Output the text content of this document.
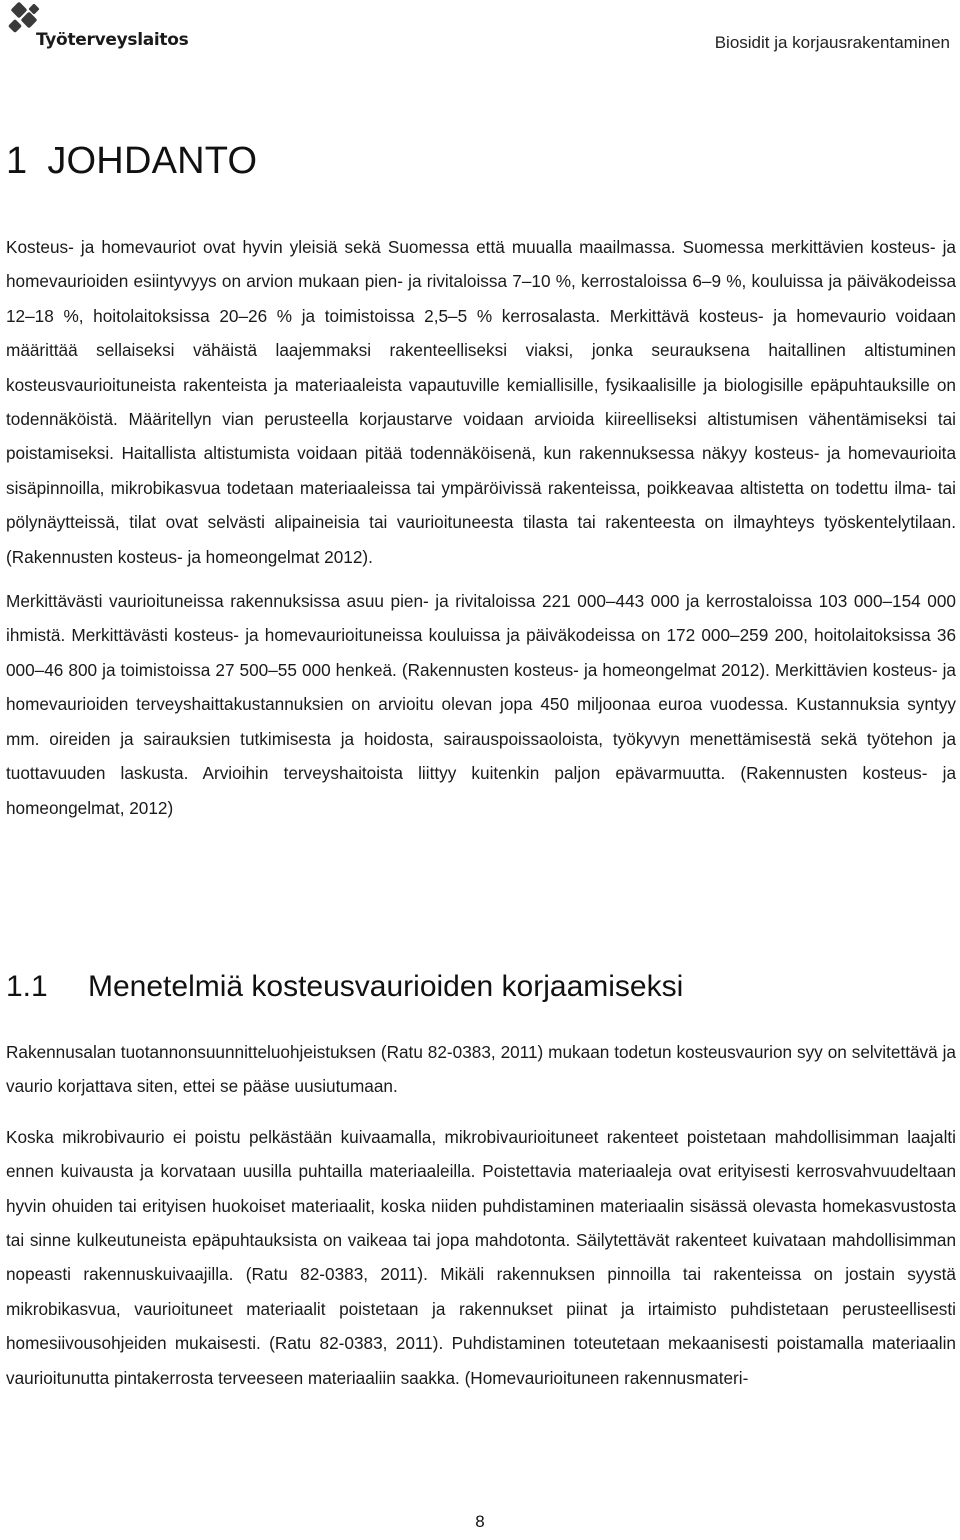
Työterveyslaitos	Biosidit ja korjausrakentaminen
1 JOHDANTO

Kosteus- ja homevauriot ovat hyvin yleisiä sekä Suomessa että muualla maailmassa. Suomessa merkittävien kosteus- ja homevaurioiden esiintyvyys on arvion mukaan pien- ja rivitaloissa 7–10 %, kerrostaloissa 6–9 %, kouluissa ja päiväkodeissa 12–18 %, hoitolaitoksissa 20–26 % ja toimistoissa 2,5–5 % kerrosalasta. Merkittävä kosteus- ja homevaurio voidaan määrittää sellaiseksi vähäistä laajemmaksi rakenteelliseksi viaksi, jonka seurauksena haitallinen altistuminen kosteusvaurioituneista rakenteista ja materiaaleista vapautuville kemiallisille, fysikaalisille ja biologisille epäpuhtauksille on todennäköistä. Määritellyn vian perusteella korjaustarve voidaan arvioida kiireelliseksi altistumisen vähentämiseksi tai poistamiseksi. Haitallista altistumista voidaan pitää todennäköisenä, kun rakennuksessa näkyy kosteus- ja homevaurioita sisäpinnoilla, mikrobikasvua todetaan materiaaleissa tai ympäröivissä rakenteissa, poikkeavaa altistetta on todettu ilma- tai pölynäytteissä, tilat ovat selvästi alipaineisia tai vaurioituneesta tilasta tai rakenteesta on ilmayhteys työskentelytilaan. (Rakennusten kosteus- ja homeongelmat 2012).

Merkittävästi vaurioituneissa rakennuksissa asuu pien- ja rivitaloissa 221 000–443 000 ja kerrostaloissa 103 000–154 000 ihmistä. Merkittävästi kosteus- ja homevaurioituneissa kouluissa ja päiväkodeissa on 172 000–259 200, hoitolaitoksissa 36 000–46 800 ja toimistoissa 27 500–55 000 henkeä. (Rakennusten kosteus- ja homeongelmat 2012). Merkittävien kosteus- ja homevaurioiden terveyshaittakustannuksien on arvioitu olevan jopa 450 miljoonaa euroa vuodessa. Kustannuksia syntyy mm. oireiden ja sairauksien tutkimisesta ja hoidosta, sairauspoissaoloista, työkyvyn menettämisestä sekä työtehon ja tuottavuuden laskusta. Arvioihin terveyshaitoista liittyy kuitenkin paljon epävarmuutta. (Rakennusten kosteus- ja homeongelmat, 2012)

1.1 Menetelmiä kosteusvaurioiden korjaamiseksi

Rakennusalan tuotannonsuunnitteluohjeistuksen (Ratu 82-0383, 2011) mukaan todetun kosteusvaurion syy on selvitettävä ja vaurio korjattava siten, ettei se pääse uusiutumaan.

Koska mikrobivaurio ei poistu pelkästään kuivaamalla, mikrobivaurioituneet rakenteet poistetaan mahdollisimman laajalti ennen kuivausta ja korvataan uusilla puhtailla materiaaleilla. Poistettavia materiaaleja ovat erityisesti kerrosvahvuudeltaan hyvin ohuiden tai erityisen huokoiset materiaalit, koska niiden puhdistaminen materiaalin sisässä olevasta homekasvustosta tai sinne kulkeutuneista epäpuhtauksista on vaikeaa tai jopa mahdotonta. Säilytettävät rakenteet kuivataan mahdollisimman nopeasti rakennuskuivaajilla. (Ratu 82-0383, 2011). Mikäli rakennuksen pinnoilla tai rakenteissa on jostain syystä mikrobikasvua, vaurioituneet materiaalit poistetaan ja rakennukset piinat ja irtaimisto puhdistetaan perusteellisesti homesiivousohjeiden mukaisesti. (Ratu 82-0383, 2011). Puhdistaminen toteutetaan mekaanisesti poistamalla materiaalin vaurioitunutta pintakerrosta terveeseen materiaaliin saakka. (Homevaurioituneen rakennusmateri-

8
